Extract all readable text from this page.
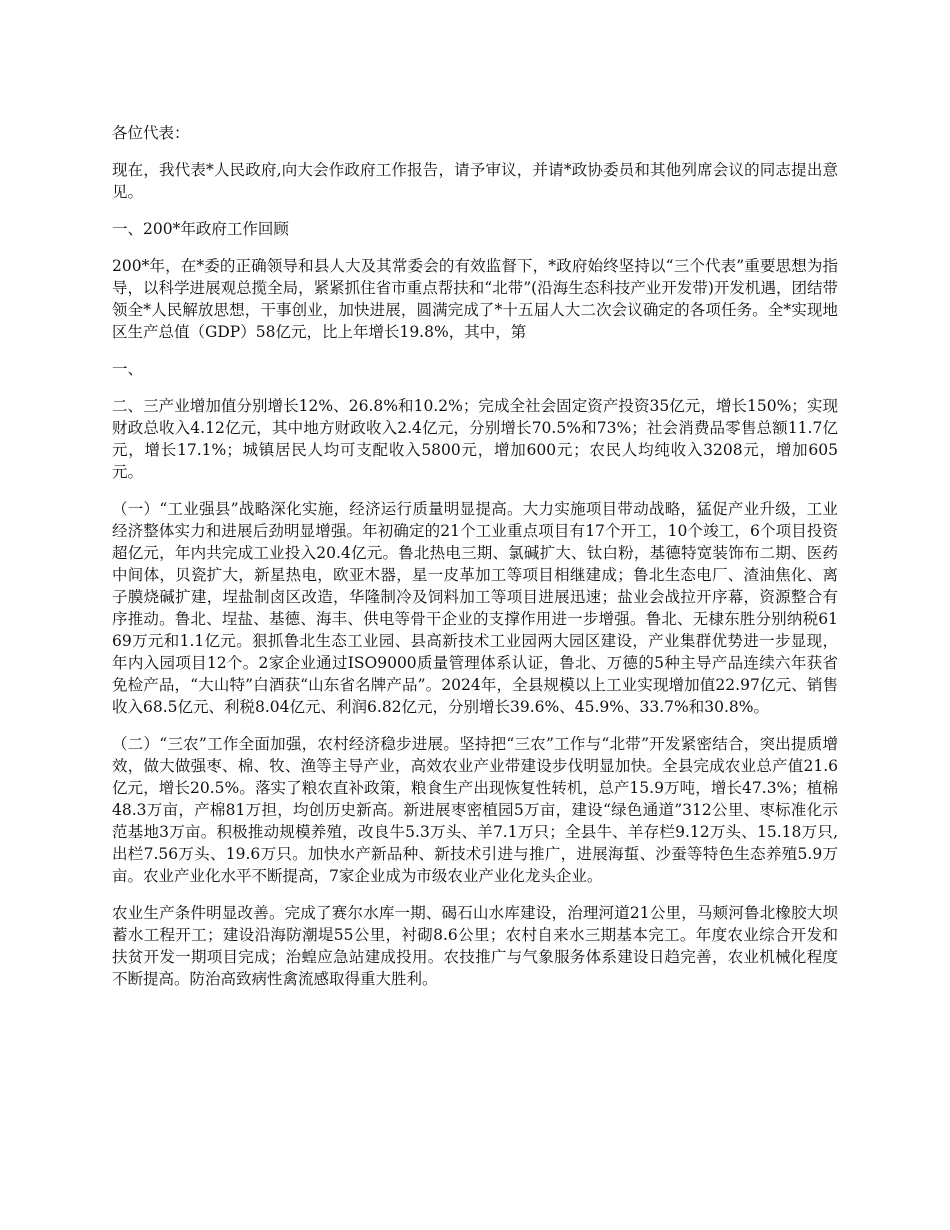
各位代表：

现在，我代表*人民政府,向大会作政府工作报告，请予审议，并请*政协委员和其他列席会议的同志提出意见。

一、200*年政府工作回顾

200*年，在*委的正确领导和县人大及其常委会的有效监督下，*政府始终坚持以“三个代表”重要思想为指导，以科学进展观总揽全局，紧紧抓住省市重点帮扶和“北带”(沿海生态科技产业开发带)开发机遇，团结带领全*人民解放思想，干事创业，加快进展，圆满完成了*十五届人大二次会议确定的各项任务。全*实现地区生产总值（GDP）58亿元，比上年增长19.8%，其中，第

一、

二、三产业增加值分别增长12%、26.8%和10.2%；完成全社会固定资产投资35亿元，增长150%；实现财政总收入4.12亿元，其中地方财政收入2.4亿元，分别增长70.5%和73%；社会消费品零售总额11.7亿元，增长17.1%；城镇居民人均可支配收入5800元，增加600元；农民人均纯收入3208元，增加605元。

（一）“工业强县”战略深化实施，经济运行质量明显提高。大力实施项目带动战略，猛促产业升级，工业经济整体实力和进展后劲明显增强。年初确定的21个工业重点项目有17个开工，10个竣工，6个项目投资超亿元，年内共完成工业投入20.4亿元。鲁北热电三期、氯碱扩大、钛白粉，基德特宽装饰布二期、医药中间体，贝瓷扩大，新星热电，欧亚木器，星一皮革加工等项目相继建成；鲁北生态电厂、渣油焦化、离子膜烧碱扩建，埕盐制卤区改造，华隆制冷及饲料加工等项目进展迅速；盐业会战拉开序幕，资源整合有序推动。鲁北、埕盐、基德、海丰、供电等骨干企业的支撑作用进一步增强。鲁北、无棣东胜分别纳税6169万元和1.1亿元。狠抓鲁北生态工业园、县高新技术工业园两大园区建设，产业集群优势进一步显现，年内入园项目12个。2家企业通过ISO9000质量管理体系认证，鲁北、万德的5种主导产品连续六年获省免检产品，“大山特”白酒获“山东省名牌产品”。2024年，全县规模以上工业实现增加值22.97亿元、销售收入68.5亿元、利税8.04亿元、利润6.82亿元，分别增长39.6%、45.9%、33.7%和30.8%。

（二）“三农”工作全面加强，农村经济稳步进展。坚持把“三农”工作与“北带”开发紧密结合，突出提质增效，做大做强枣、棉、牧、渔等主导产业，高效农业产业带建设步伐明显加快。全县完成农业总产值21.6亿元，增长20.5%。落实了粮农直补政策，粮食生产出现恢复性转机，总产15.9万吨，增长47.3%；植棉48.3万亩，产棉81万担，均创历史新高。新进展枣密植园5万亩，建设“绿色通道”312公里、枣标准化示范基地3万亩。积极推动规模养殖，改良牛5.3万头、羊7.1万只；全县牛、羊存栏9.12万头、15.18万只,出栏7.56万头、19.6万只。加快水产新品种、新技术引进与推广，进展海蜇、沙蚕等特色生态养殖5.9万亩。农业产业化水平不断提高，7家企业成为市级农业产业化龙头企业。

农业生产条件明显改善。完成了赛尔水库一期、碣石山水库建设，治理河道21公里，马颊河鲁北橡胶大坝蓄水工程开工；建设沿海防潮堤55公里，衬砌8.6公里；农村自来水三期基本完工。年度农业综合开发和扶贫开发一期项目完成；治蝗应急站建成投用。农技推广与气象服务体系建设日趋完善，农业机械化程度不断提高。防治高致病性禽流感取得重大胜利。
